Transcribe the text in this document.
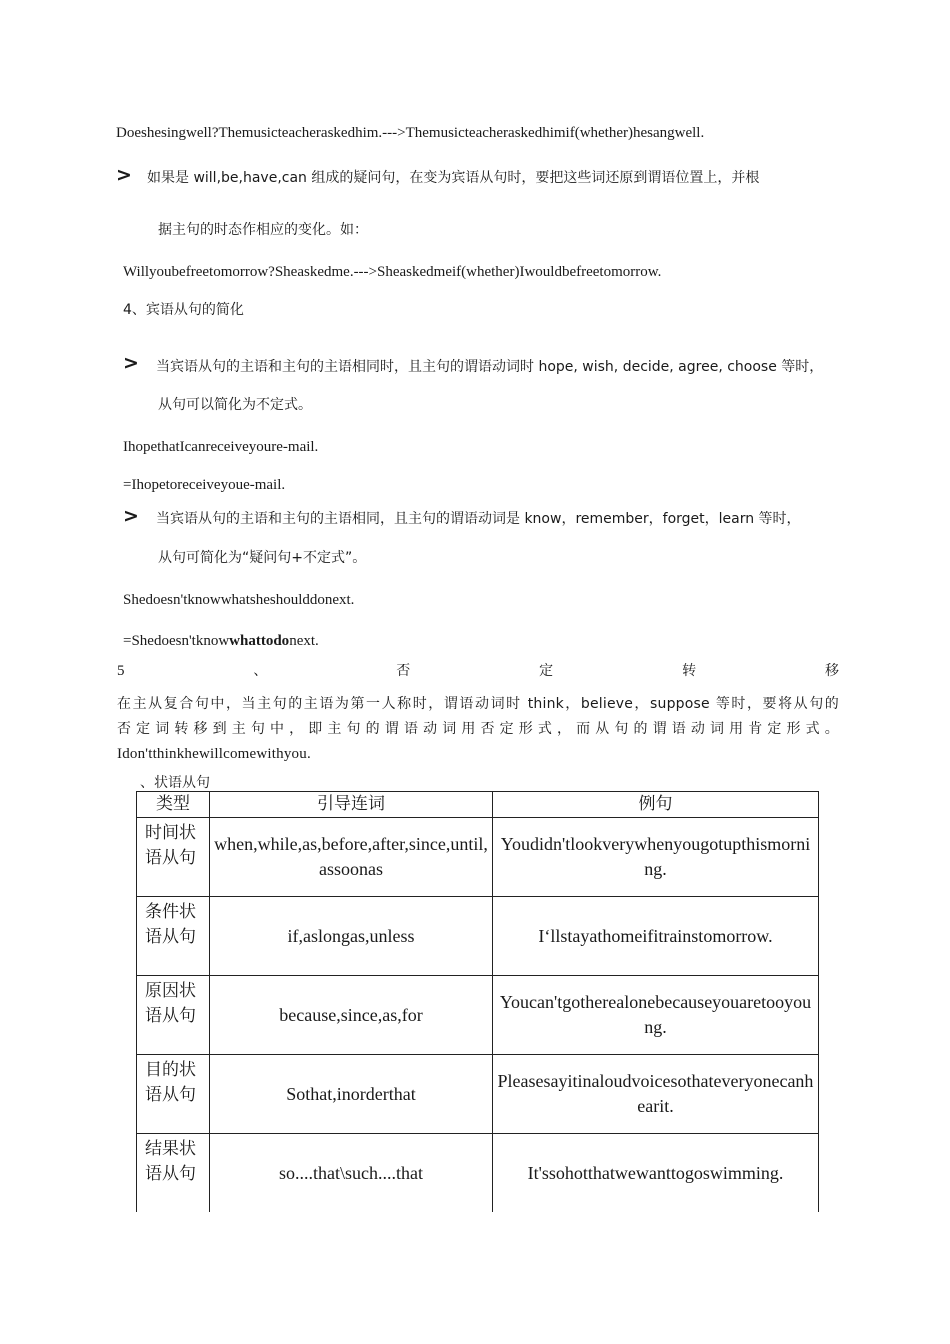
Doeshesingwell?Themusicteacheraskedhim.--->Themusicteacheraskedhimif(whether)hesangwell.
> 如果是 will,be,have,can 组成的疑问句，在变为宾语从句时，要把这些词还原到谓语位置上，并根
据主句的时态作相应的变化。如：
Willyoubefreetomorrow?Sheaskedme.--->Sheaskedmeif(whether)Iwouldbefreetomorrow.
4、宾语从句的简化
> 当宾语从句的主语和主句的主语相同时，且主句的谓语动词时 hope, wish, decide, agree, choose 等时，
从句可以简化为不定式。
IhopethatIcanreceiveyoure-mail.
=Ihopetoreceiveyoue-mail.
> 当宾语从句的主语和主句的主语相同，且主句的谓语动词是 know，remember，forget，learn 等时，
从句可简化为“疑问句+不定式”。
Shedoesn'tknowwhatsheshoulddonext.
=Shedoesn'tknowwhattodonext.
5	、	否	定	转	移
在主从复合句中，当主句的主语为第一人称时，谓语动词时 think，believe，suppose 等时，要将从句的
否定词转移到主句中，即主句的谓语动词用否定形式，而从句的谓语动词用肯定形式。
Idon'tthinkhewillcomewithyou.
、状语从句
类型	引导连词	例句
时间状语从句	when,while,as,before,after,since,until,assoonas	Youdidn'tlookverywhenyougotupthismorning.
条件状语从句	if,aslongas,unless	I‘llstayathomeifitrainstomorrow.
原因状语从句	because,since,as,for	Youcan'tgotherealonebecauseyouaretooyoung.
目的状语从句	Sothat,inorderthat	Pleasesayitinaloudvoicesothateveryonecanhearit.
结果状语从句	so....that\such....that	It'ssohotthatwewanttogoswimming.
